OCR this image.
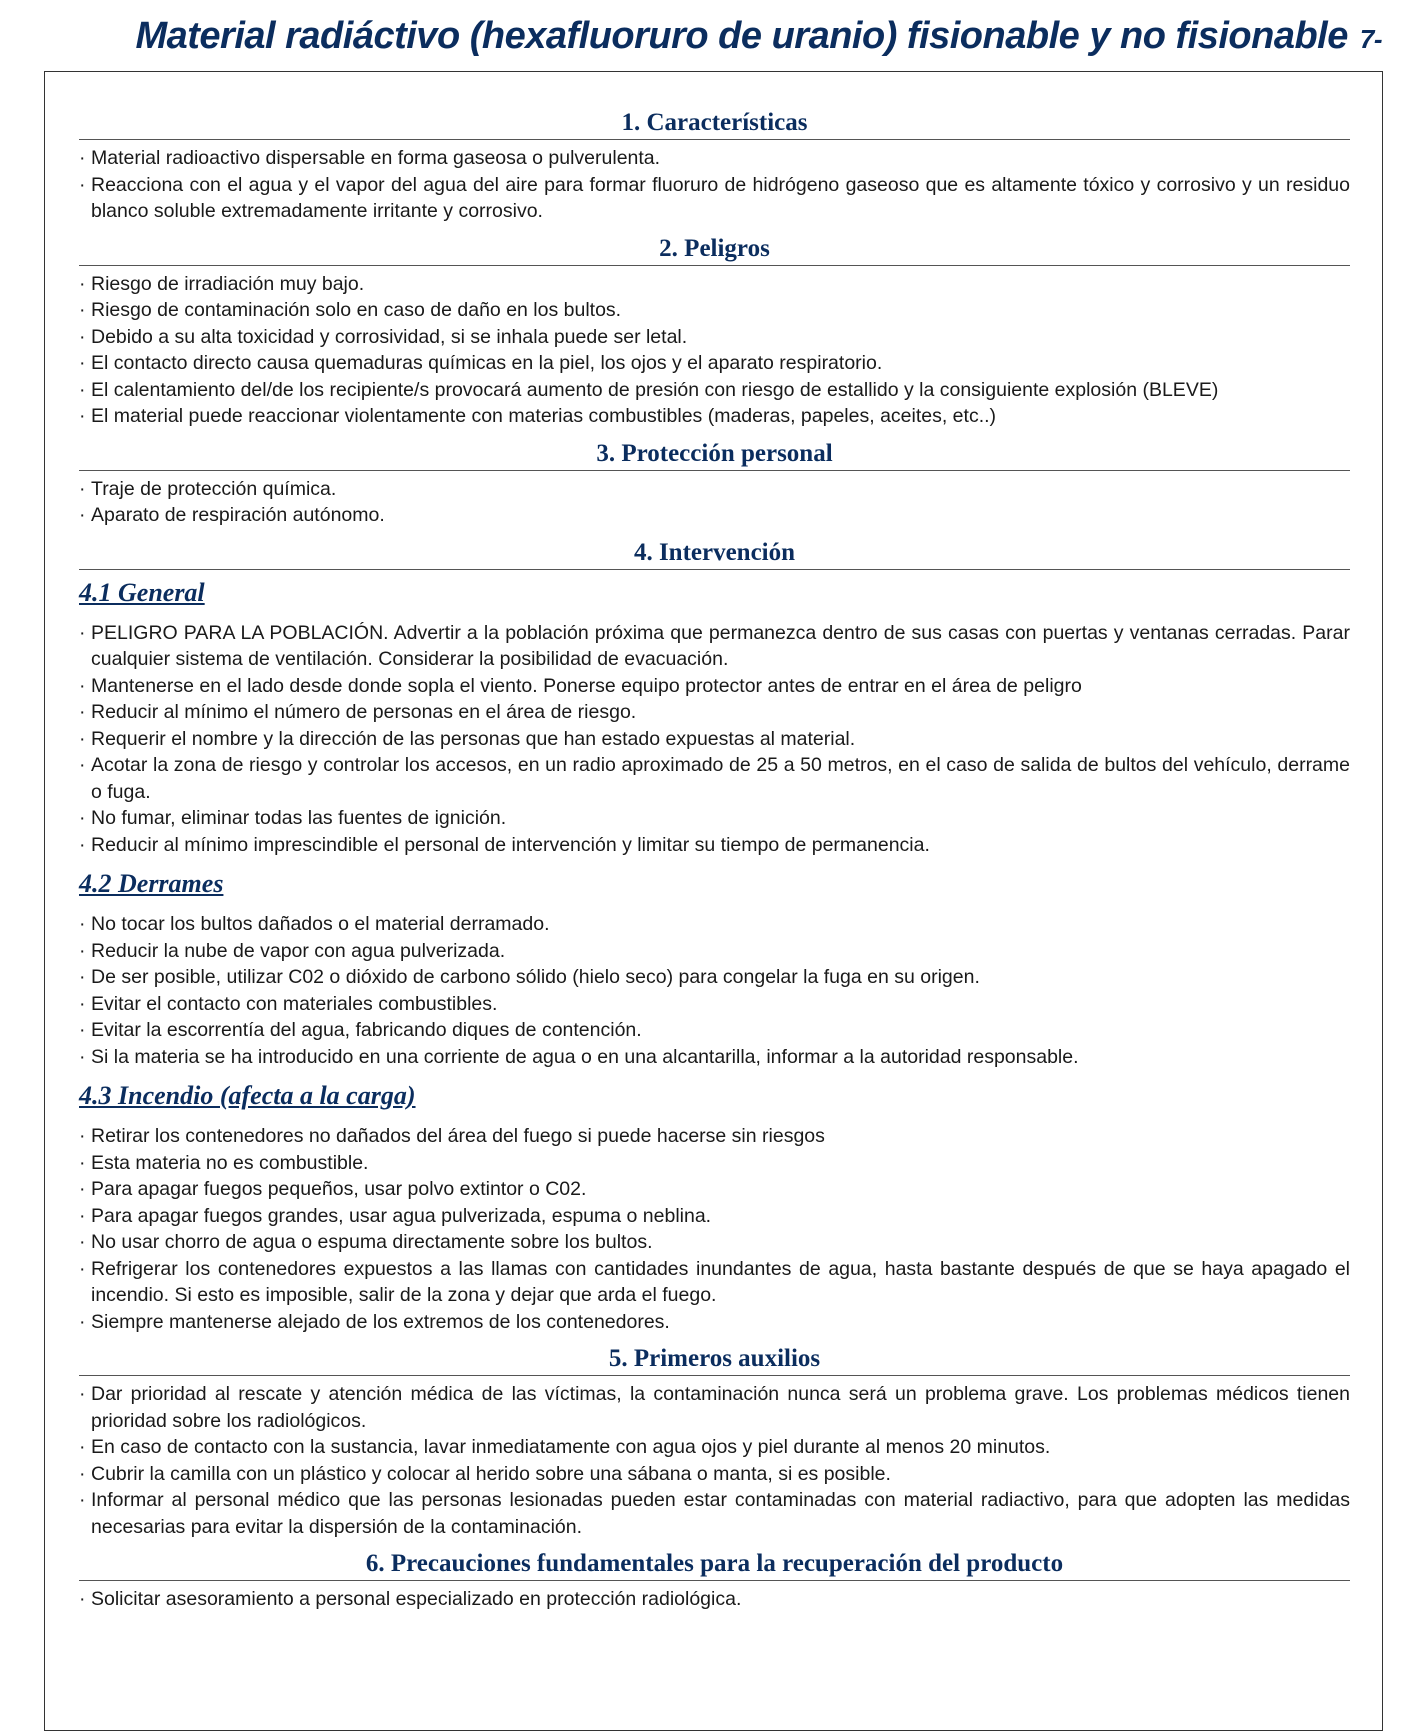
Material radiáctivo (hexafluoruro de uranio) fisionable y no fisionable 7-
1. Características
· Material radioactivo dispersable en forma gaseosa o pulverulenta.
· Reacciona con el agua y el vapor del agua del aire para formar fluoruro de hidrógeno gaseoso que es altamente tóxico y corrosivo y un residuo blanco soluble extremadamente irritante y corrosivo.
2. Peligros
· Riesgo de irradiación muy bajo.
· Riesgo de contaminación solo en caso de daño en los bultos.
· Debido a su alta toxicidad y corrosividad, si se inhala puede ser letal.
· El contacto directo causa quemaduras químicas en la piel, los ojos y el aparato respiratorio.
· El calentamiento del/de los recipiente/s provocará aumento de presión con riesgo de estallido y la consiguiente explosión (BLEVE)
· El material puede reaccionar violentamente con materias combustibles (maderas, papeles, aceites, etc..)
3. Protección personal
· Traje de protección química.
· Aparato de respiración autónomo.
4. Intervención
4.1 General
· PELIGRO PARA LA POBLACIÓN. Advertir a la población próxima que permanezca dentro de sus casas con puertas y ventanas cerradas. Parar cualquier sistema de ventilación. Considerar la posibilidad de evacuación.
· Mantenerse en el lado desde donde sopla el viento. Ponerse equipo protector antes de entrar en el área de peligro
· Reducir al mínimo el número de personas en el área de riesgo.
· Requerir el nombre y la dirección de las personas que han estado expuestas al material.
· Acotar la zona de riesgo y controlar los accesos, en un radio aproximado de 25 a 50 metros, en el caso de salida de bultos del vehículo, derrame o fuga.
· No fumar, eliminar todas las fuentes de ignición.
· Reducir al mínimo imprescindible el personal de intervención y limitar su tiempo de permanencia.
4.2 Derrames
· No tocar los bultos dañados o el material derramado.
· Reducir la nube de vapor con agua pulverizada.
· De ser posible, utilizar C02 o dióxido de carbono sólido (hielo seco) para congelar la fuga en su origen.
· Evitar el contacto con materiales combustibles.
· Evitar la escorrentía del agua, fabricando diques de contención.
· Si la materia se ha introducido en una corriente de agua o en una alcantarilla, informar a la autoridad responsable.
4.3 Incendio (afecta a la carga)
· Retirar los contenedores no dañados del área del fuego si puede hacerse sin riesgos
· Esta materia no es combustible.
· Para apagar fuegos pequeños, usar polvo extintor o C02.
· Para apagar fuegos grandes, usar agua pulverizada, espuma o neblina.
· No usar chorro de agua o espuma directamente sobre los bultos.
· Refrigerar los contenedores expuestos a las llamas con cantidades inundantes de agua, hasta bastante después de que se haya apagado el incendio. Si esto es imposible, salir de la zona y dejar que arda el fuego.
· Siempre mantenerse alejado de los extremos de los contenedores.
5. Primeros auxilios
· Dar prioridad al rescate y atención médica de las víctimas, la contaminación nunca será un problema grave. Los problemas médicos tienen prioridad sobre los radiológicos.
· En caso de contacto con la sustancia, lavar inmediatamente con agua ojos y piel durante al menos 20 minutos.
· Cubrir la camilla con un plástico y colocar al herido sobre una sábana o manta, si es posible.
· Informar al personal médico que las personas lesionadas pueden estar contaminadas con material radiactivo, para que adopten las medidas necesarias para evitar la dispersión de la contaminación.
6. Precauciones fundamentales para la recuperación del producto
· Solicitar asesoramiento a personal especializado en protección radiológica.
